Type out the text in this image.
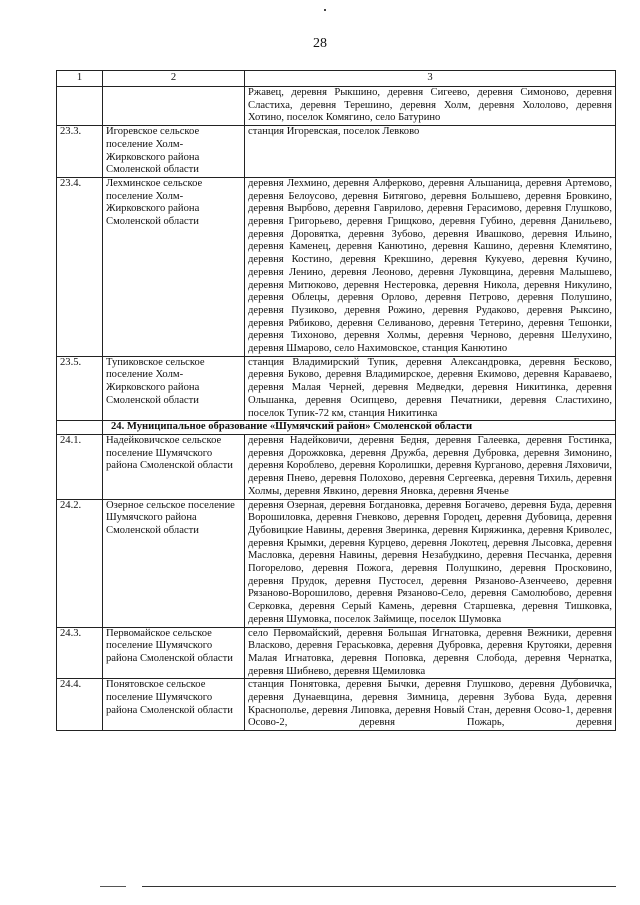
28
1	2	3
		Ржавец, деревня Рыкшино, деревня Сигеево, деревня Симоново, деревня Сластиха, деревня Терешино, деревня Холм, деревня Хололово, деревня Хотино, поселок Комягино, село Батурино
23.3.	Игоревское сельское поселение Холм-Жирковского района Смоленской области	станция Игоревская, поселок Левково
23.4.	Лехминское сельское поселение Холм-Жирковского района Смоленской области	деревня Лехмино, деревня Алферково, деревня Альшаница, деревня Артемово, деревня Белоусово, деревня Битягово, деревня Болышево, деревня Бровкино, деревня Вырбово, деревня Гаврилово, деревня Герасимово, деревня Глушково, деревня Григорьево, деревня Грищково, деревня Губино, деревня Данильево, деревня Доровятка, деревня Зубово, деревня Ивашково, деревня Ильино, деревня Каменец, деревня Канютино, деревня Кашино, деревня Клемятино, деревня Костино, деревня Крекшино, деревня Кукуево, деревня Кучино, деревня Ленино, деревня Леоново, деревня Луковщина, деревня Малышево, деревня Митюково, деревня Нестеровка, деревня Никола, деревня Никулино, деревня Облецы, деревня Орлово, деревня Петрово, деревня Полушино, деревня Пузиково, деревня Рожино, деревня Рудаково, деревня Рыксино, деревня Рябиково, деревня Селиваново, деревня Тетерино, деревня Тешонки, деревня Тихоново, деревня Холмы, деревня Черново, деревня Шелухино, деревня Шмарово, село Нахимовское, станция Канютино
23.5.	Тупиковское сельское поселение Холм-Жирковского района Смоленской области	станция Владимирский Тупик, деревня Александровка, деревня Бесково, деревня Буково, деревня Владимирское, деревня Екимово, деревня Караваево, деревня Малая Черней, деревня Медведки, деревня Никитинка, деревня Ольшанка, деревня Осипцево, деревня Печатники, деревня Сластихино, поселок Тупик-72 км, станция Никитинка
	24. Муниципальное образование «Шумячский район» Смоленской области	
24.1.	Надейковичское сельское поселение Шумячского района Смоленской области	деревня Надейковичи, деревня Бедня, деревня Галеевка, деревня Гостинка, деревня Дорожковка, деревня Дружба, деревня Дубровка, деревня Зимонино, деревня Короблево, деревня Королишки, деревня Курганово, деревня Ляховичи, деревня Пнево, деревня Полохово, деревня Сергеевка, деревня Тихиль, деревня Холмы, деревня Явкино, деревня Яновка, деревня Яченье
24.2.	Озерное сельское поселение Шумячского района Смоленской области	деревня Озерная, деревня Богдановка, деревня Богачево, деревня Буда, деревня Ворошиловка, деревня Гневково, деревня Городец, деревня Дубовица, деревня Дубовицкие Навины, деревня Зверинка, деревня Киряжинка, деревня Криволес, деревня Крымки, деревня Курцево, деревня Локотец, деревня Лысовка, деревня Масловка, деревня Навины, деревня Незабудкино, деревня Песчанка, деревня Погорелово, деревня Пожога, деревня Полушкино, деревня Просковино, деревня Прудок, деревня Пустосел, деревня Рязаново-Азенчеево, деревня Рязаново-Ворошилово, деревня Рязаново-Село, деревня Самолюбово, деревня Серковка, деревня Серый Камень, деревня Старшевка, деревня Тишковка, деревня Шумовка, поселок Займище, поселок Шумовка
24.3.	Первомайское сельское поселение Шумячского района Смоленской области	село Первомайский, деревня Большая Игнатовка, деревня Вежники, деревня Власково, деревня Гераськовка, деревня Дубровка, деревня Крутояки, деревня Малая Игнатовка, деревня Поповка, деревня Слобода, деревня Чернатка, деревня Шибнево, деревня Щемиловка
24.4.	Понятовское сельское поселение Шумячского района Смоленской области	станция Понятовка, деревня Бычки, деревня Глушково, деревня Дубовичка, деревня Дунаевщина, деревня Зимница, деревня Зубова Буда, деревня Краснополье, деревня Липовка, деревня Новый Стан, деревня Осово-1, деревня Осово-2, деревня Пожарь, деревня
